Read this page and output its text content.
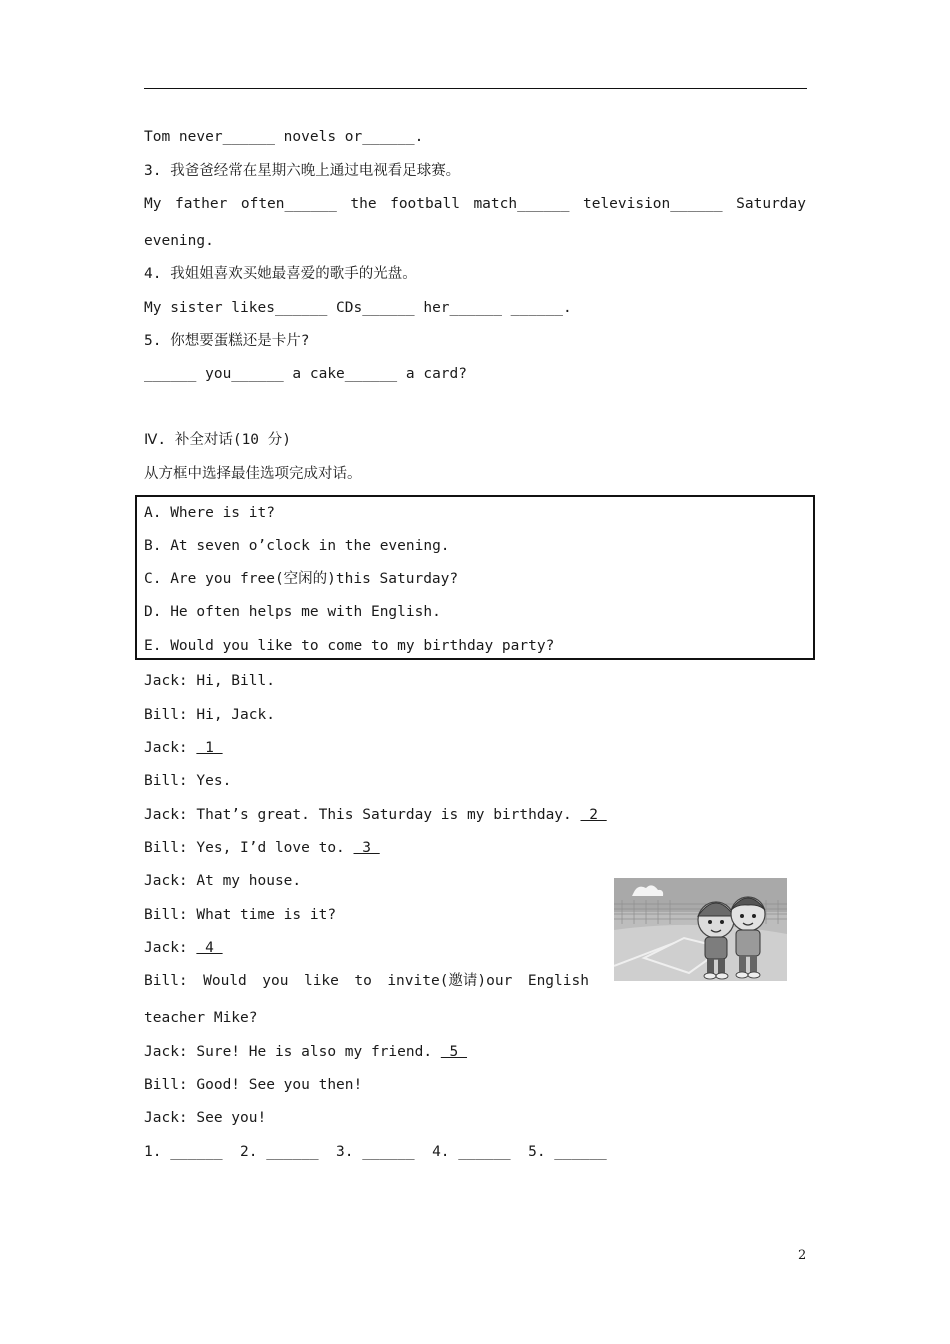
Tom never______ novels or______.
3. 我爸爸经常在星期六晚上通过电视看足球赛。
My father often______ the football match______ television______ Saturday
evening.
4. 我姐姐喜欢买她最喜爱的歌手的光盘。
My sister likes______ CDs______ her______ ______.
5. 你想要蛋糕还是卡片?
______ you______ a cake______ a card?
Ⅳ. 补全对话(10 分)
从方框中选择最佳选项完成对话。
A. Where is it?
B. At seven o’clock in the evening.
C. Are you free(空闲的)this Saturday?
D. He often helps me with English.
E. Would you like to come to my birthday party?
Jack: Hi, Bill.
Bill: Hi, Jack.
Jack:  1
Bill: Yes.
Jack: That’s great. This Saturday is my birthday.  2
Bill: Yes, I’d love to.  3
Jack: At my house.
Bill: What time is it?
Jack:  4
Bill: Would you like to invite(邀请)our English
teacher Mike?
Jack: Sure! He is also my friend.  5
Bill: Good! See you then!
Jack: See you!
1. ______  2. ______  3. ______  4. ______  5. ______
2
